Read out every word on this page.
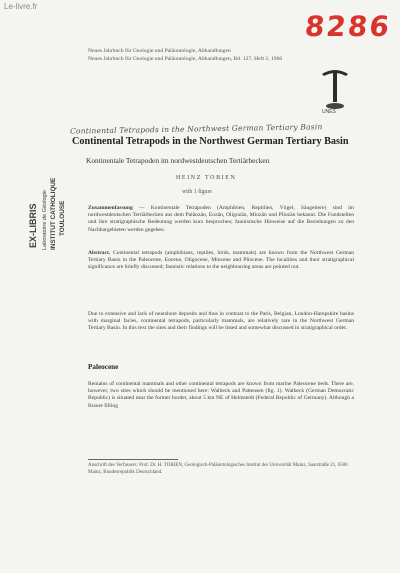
Le-livre.fr
8286
Neues Jahrbuch für Geologie und Paläontologie, Abhandlungen
Neues Jahrbuch für Geologie und Paläontologie, Abhandlungen, Bd. 127, Heft 2, 1966
UNES
Continental Tetrapods in the Northwest German Tertiary Basin
Continental Tetrapods in the Northwest German Tertiary Basin
Kontinentale Tetrapoden im nordwestdeutschen Tertiärbecken
HEINZ TOBIEN
with 1 figure
EX-LIBRIS Laboratoire de Géologie INSTITUT CATHOLIQUE TOULOUSE	Zusammenfassung — Kontinentale Tetrapoden (Amphibien, Reptilien, Vögel, Säugetiere) sind im nordwestdeutschen Tertiärbecken aus dem Paläozän, Eozän, Oligozän, Miozän und Pliozän bekannt. Die Fundstellen und ihre stratigraphische Bedeutung werden kurz besprochen; faunistische Hinweise auf die Beziehungen zu den Nachbargebieten werden gegeben.
Abstract. Continental tetrapods (amphibians, reptiles, birds, mammals) are known from the Northwest German Tertiary Basin in the Paleocene, Eocene, Oligocene, Miocene and Pliocene. The localities and their stratigraphical significance are briefly discussed; faunistic relations to the neighbouring areas are pointed out.
Due to extensive and lack of nearshore deposits and thus in contrast to the Paris, Belgian, London-Hampshire basins with marginal facies, continental tetrapods, particularly mammals, are relatively rare in the Northwest German Tertiary Basin. In this text the sites and their findings will be listed and somewhat discussed in stratigraphical order.
Paleocene
Remains of continental mammals and other continental tetrapods are known from marine Paleocene beds. There are, however, two sites which should be mentioned here: Walbeck and Pattensen (fig. 1). Walbeck (German Democratic Republic) is situated near the former border, about 5 km NE of Helmstedt (Federal Republic of Germany). Although a fissure filling
Anschrift des Verfassers: Prof. Dr. H. TOBIEN, Geologisch-Paläontologisches Institut der Universität Mainz, Saarstraße 21, 6500 Mainz, Bundesrepublik Deutschland.
